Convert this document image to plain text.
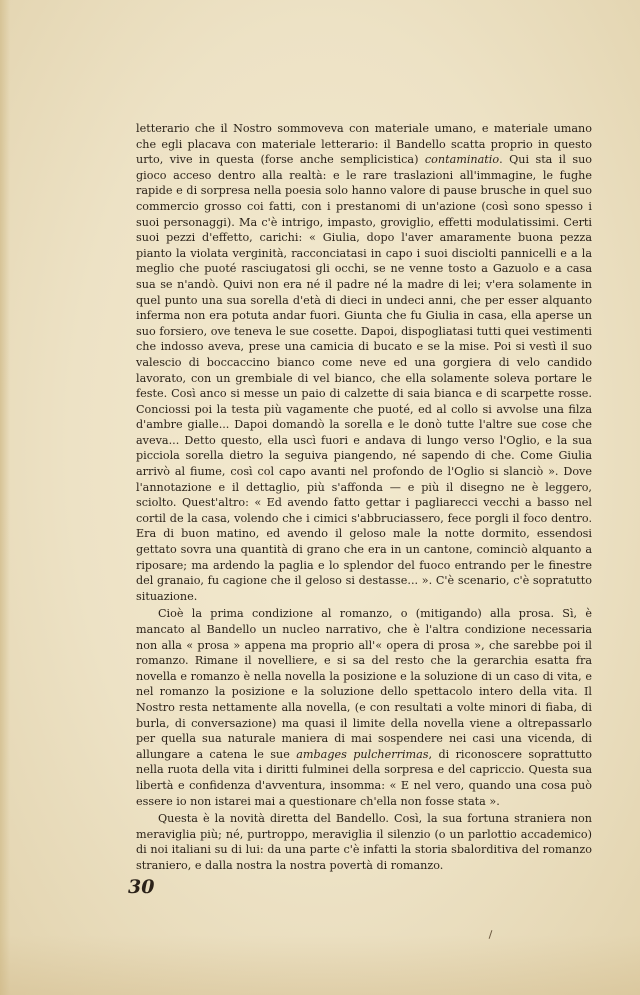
letterario che il Nostro sommoveva con materiale umano, e materiale umano che egli placava con materiale letterario: il Bandello scatta proprio in questo urto, vive in questa (forse anche semplicistica) contaminatio. Qui sta il suo gioco acceso dentro alla realtà: e le rare traslazioni all'immagine, le fughe rapide e di sorpresa nella poesia solo hanno valore di pause brusche in quel suo commercio grosso coi fatti, con i prestanomi di un'azione (così sono spesso i suoi personaggi). Ma c'è intrigo, impasto, groviglio, effetti modulatissimi. Certi suoi pezzi d'effetto, carichi: « Giulia, dopo l'aver amaramente buona pezza pianto la violata verginità, racconciatasi in capo i suoi disciolti pannicelli e a la meglio che puoté rasciugatosi gli occhi, se ne venne tosto a Gazuolo e a casa sua se n'andò. Quivi non era né il padre né la madre di lei; v'era solamente in quel punto una sua sorella d'età di dieci in undeci anni, che per esser alquanto inferma non era potuta andar fuori. Giunta che fu Giulia in casa, ella aperse un suo forsiero, ove teneva le sue cosette. Dapoi, dispogliatasi tutti quei vestimenti che indosso aveva, prese una camicia di bucato e se la mise. Poi si vestì il suo valescio di boccaccino bianco come neve ed una gorgiera di velo candido lavorato, con un grembiale di vel bianco, che ella solamente soleva portare le feste. Così anco si messe un paio di calzette di saia bianca e di scarpette rosse. Conciossi poi la testa più vagamente che puoté, ed al collo si avvolse una filza d'ambre gialle... Dapoi domandò la sorella e le donò tutte l'altre sue cose che aveva... Detto questo, ella uscì fuori e andava di lungo verso l'Oglio, e la sua picciola sorella dietro la seguiva piangendo, né sapendo di che. Come Giulia arrivò al fiume, così col capo avanti nel profondo de l'Oglio si slanciò ». Dove l'annotazione e il dettaglio, più s'affonda — e più il disegno ne è leggero, sciolto. Quest'altro: « Ed avendo fatto gettar i pagliarecci vecchi a basso nel cortil de la casa, volendo che i cimici s'abbruciassero, fece porgli il foco dentro. Era di buon matino, ed avendo il geloso male la notte dormito, essendosi gettato sovra una quantità di grano che era in un cantone, cominciò alquanto a riposare; ma ardendo la paglia e lo splendor del fuoco entrando per le finestre del granaio, fu cagione che il geloso si destasse... ». C'è scenario, c'è sopratutto situazione.

Cioè la prima condizione al romanzo, o (mitigando) alla prosa. Sì, è mancato al Bandello un nucleo narrativo, che è l'altra condizione necessaria non alla « prosa » appena ma proprio all'« opera di prosa », che sarebbe poi il romanzo. Rimane il novelliere, e si sa del resto che la gerarchia esatta fra novella e romanzo è nella novella la posizione e la soluzione di un caso di vita, e nel romanzo la posizione e la soluzione dello spettacolo intero della vita. Il Nostro resta nettamente alla novella, (e con resultati a volte minori di fiaba, di burla, di conversazione) ma quasi il limite della novella viene a oltrepassarlo per quella sua naturale maniera di mai sospendere nei casi una vicenda, di allungare a catena le sue ambages pulcherrimas, di riconoscere soprattutto nella ruota della vita i diritti fulminei della sorpresa e del capriccio. Questa sua libertà e confidenza d'avventura, insomma: « E nel vero, quando una cosa può essere io non istarei mai a questionare ch'ella non fosse stata ».

Questa è la novità diretta del Bandello. Così, la sua fortuna straniera non meraviglia più; né, purtroppo, meraviglia il silenzio (o un parlottio accademico) di noi italiani su di lui: da una parte c'è infatti la storia sbalorditiva del romanzo straniero, e dalla nostra la nostra povertà di romanzo.

30
